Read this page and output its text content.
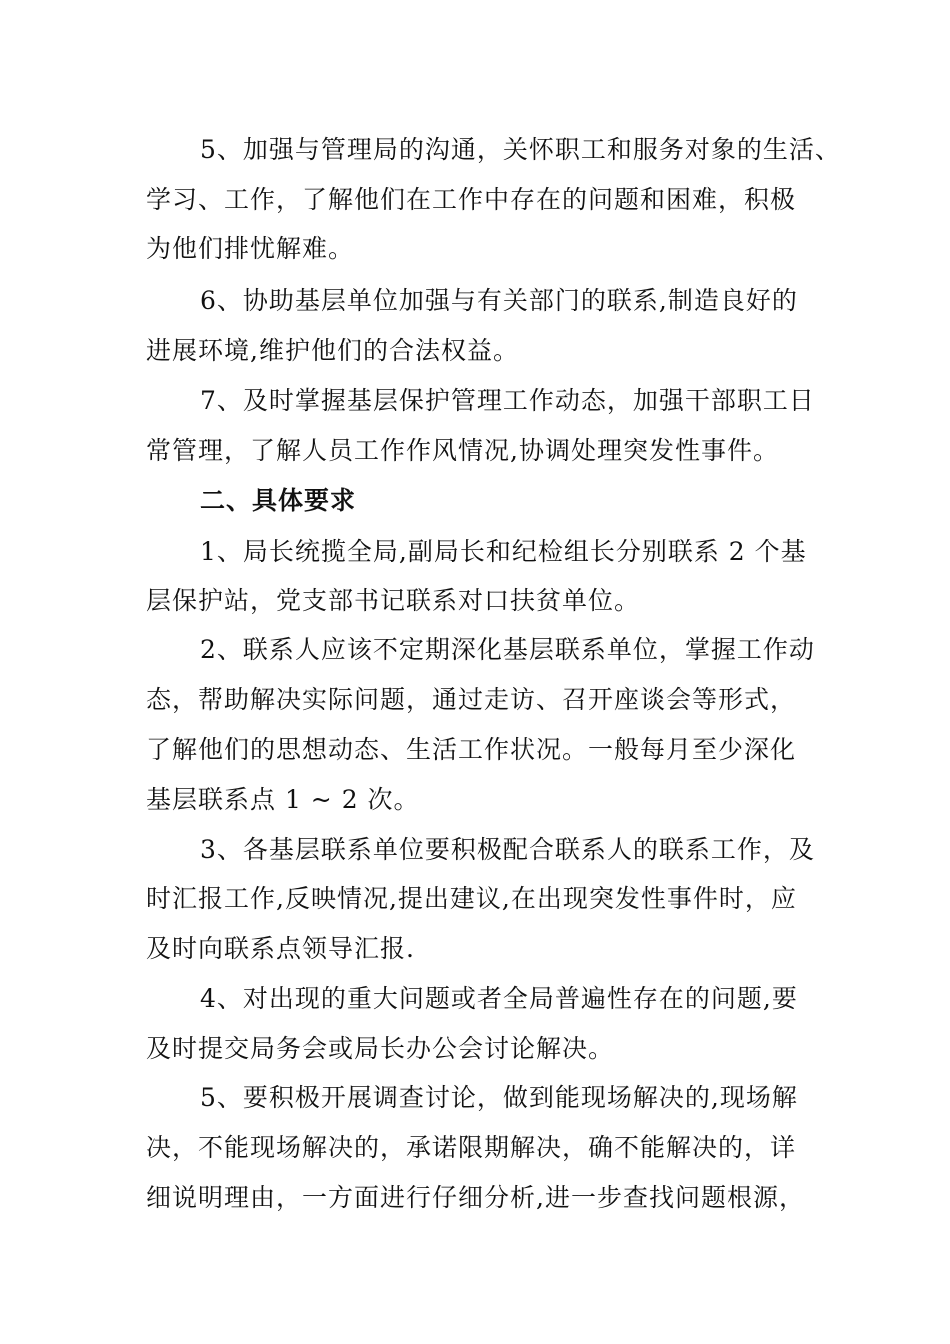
5、加强与管理局的沟通，关怀职工和服务对象的生活、
学习、工作，了解他们在工作中存在的问题和困难，积极
为他们排忧解难。
6、协助基层单位加强与有关部门的联系,制造良好的
进展环境,维护他们的合法权益。
7、及时掌握基层保护管理工作动态，加强干部职工日
常管理，了解人员工作作风情况,协调处理突发性事件。
二、具体要求
1、局长统揽全局,副局长和纪检组长分别联系 2 个基
层保护站，党支部书记联系对口扶贫单位。
2、联系人应该不定期深化基层联系单位，掌握工作动
态，帮助解决实际问题，通过走访、召开座谈会等形式，
了解他们的思想动态、生活工作状况。一般每月至少深化
基层联系点 1 ~ 2 次。
3、各基层联系单位要积极配合联系人的联系工作，及
时汇报工作,反映情况,提出建议,在出现突发性事件时，应
及时向联系点领导汇报.
4、对出现的重大问题或者全局普遍性存在的问题,要
及时提交局务会或局长办公会讨论解决。
5、要积极开展调查讨论，做到能现场解决的,现场解
决，不能现场解决的，承诺限期解决，确不能解决的，详
细说明理由，一方面进行仔细分析,进一步查找问题根源，
